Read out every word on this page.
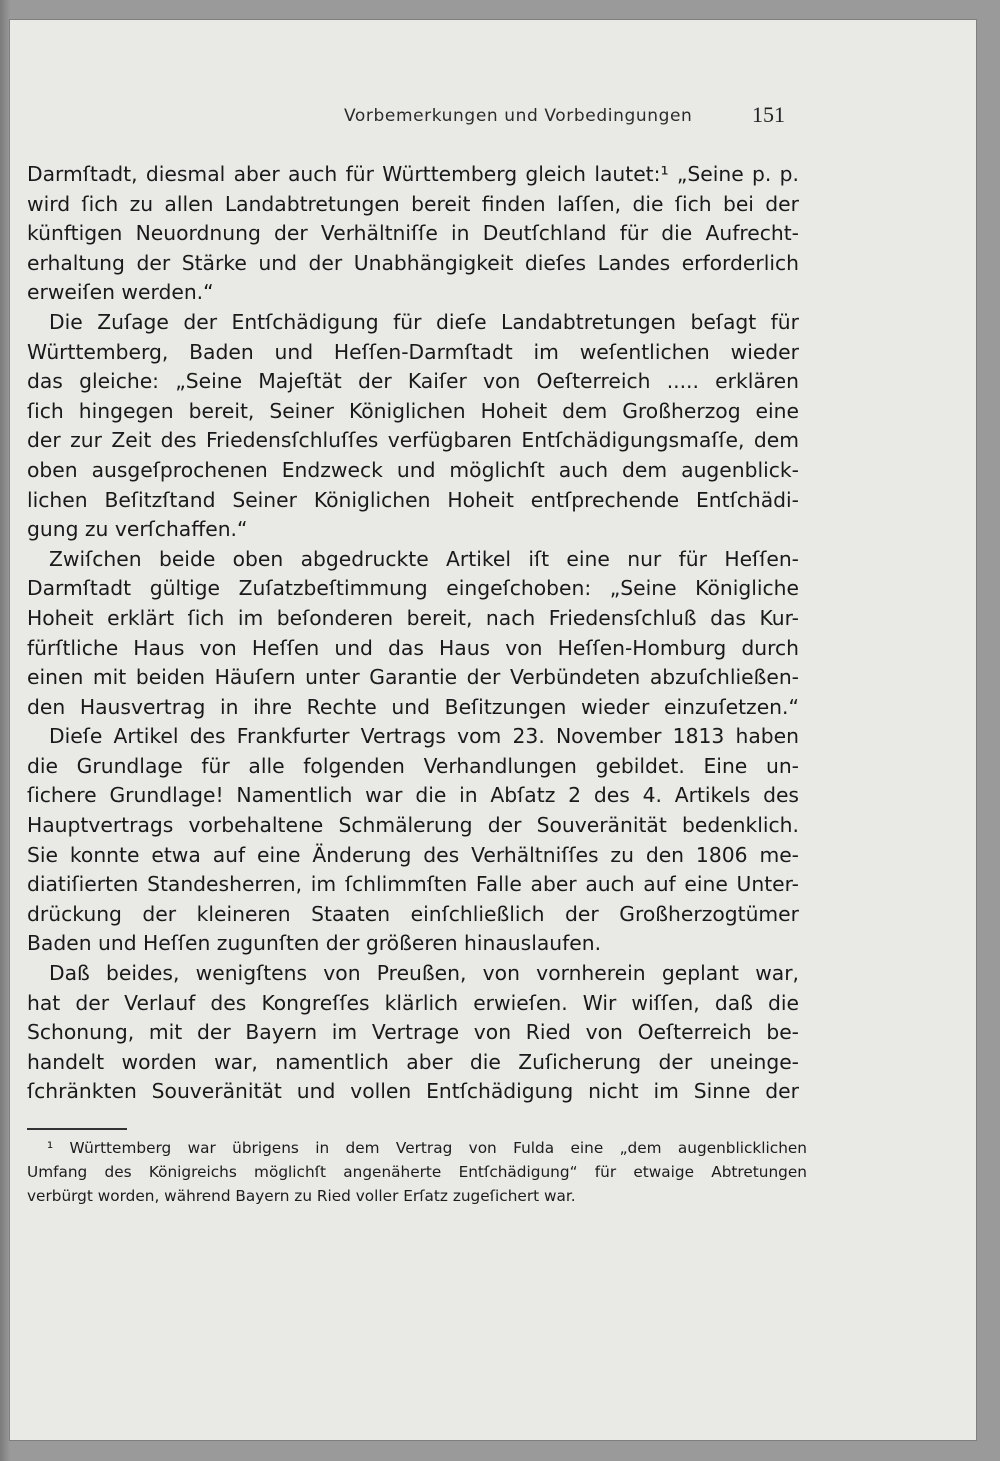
Vorbemerkungen und Vorbedingungen	151
Darmſtadt, diesmal aber auch für Württemberg gleich lautet:¹ „Seine p. p.
wird ſich zu allen Landabtretungen bereit finden laſſen, die ſich bei der
künftigen Neuordnung der Verhältniſſe in Deutſchland für die Aufrecht-
erhaltung der Stärke und der Unabhängigkeit dieſes Landes erforderlich
erweiſen werden.“
Die Zuſage der Entſchädigung für dieſe Landabtretungen beſagt für
Württemberg, Baden und Heſſen-Darmſtadt im weſentlichen wieder
das gleiche: „Seine Majeſtät der Kaiſer von Oeſterreich ..... erklären
ſich hingegen bereit, Seiner Königlichen Hoheit dem Großherzog eine
der zur Zeit des Friedensſchluſſes verfügbaren Entſchädigungsmaſſe, dem
oben ausgeſprochenen Endzweck und möglichſt auch dem augenblick-
lichen Beſitzſtand Seiner Königlichen Hoheit entſprechende Entſchädi-
gung zu verſchaffen.“
Zwiſchen beide oben abgedruckte Artikel iſt eine nur für Heſſen-
Darmſtadt gültige Zuſatzbeſtimmung eingeſchoben: „Seine Königliche
Hoheit erklärt ſich im beſonderen bereit, nach Friedensſchluß das Kur-
fürſtliche Haus von Heſſen und das Haus von Heſſen-Homburg durch
einen mit beiden Häuſern unter Garantie der Verbündeten abzuſchließen-
den Hausvertrag in ihre Rechte und Beſitzungen wieder einzuſetzen.“
Dieſe Artikel des Frankfurter Vertrags vom 23. November 1813 haben
die Grundlage für alle folgenden Verhandlungen gebildet. Eine un-
ſichere Grundlage! Namentlich war die in Abſatz 2 des 4. Artikels des
Hauptvertrags vorbehaltene Schmälerung der Souveränität bedenklich.
Sie konnte etwa auf eine Änderung des Verhältniſſes zu den 1806 me-
diatiſierten Standesherren, im ſchlimmſten Falle aber auch auf eine Unter-
drückung der kleineren Staaten einſchließlich der Großherzogtümer
Baden und Heſſen zugunſten der größeren hinauslaufen.
Daß beides, wenigſtens von Preußen, von vornherein geplant war,
hat der Verlauf des Kongreſſes klärlich erwieſen. Wir wiſſen, daß die
Schonung, mit der Bayern im Vertrage von Ried von Oeſterreich be-
handelt worden war, namentlich aber die Zuſicherung der uneinge-
ſchränkten Souveränität und vollen Entſchädigung nicht im Sinne der
¹ Württemberg war übrigens in dem Vertrag von Fulda eine „dem augenblicklichen
Umfang des Königreichs möglichſt angenäherte Entſchädigung“ für etwaige Abtretungen
verbürgt worden, während Bayern zu Ried voller Erſatz zugeſichert war.
